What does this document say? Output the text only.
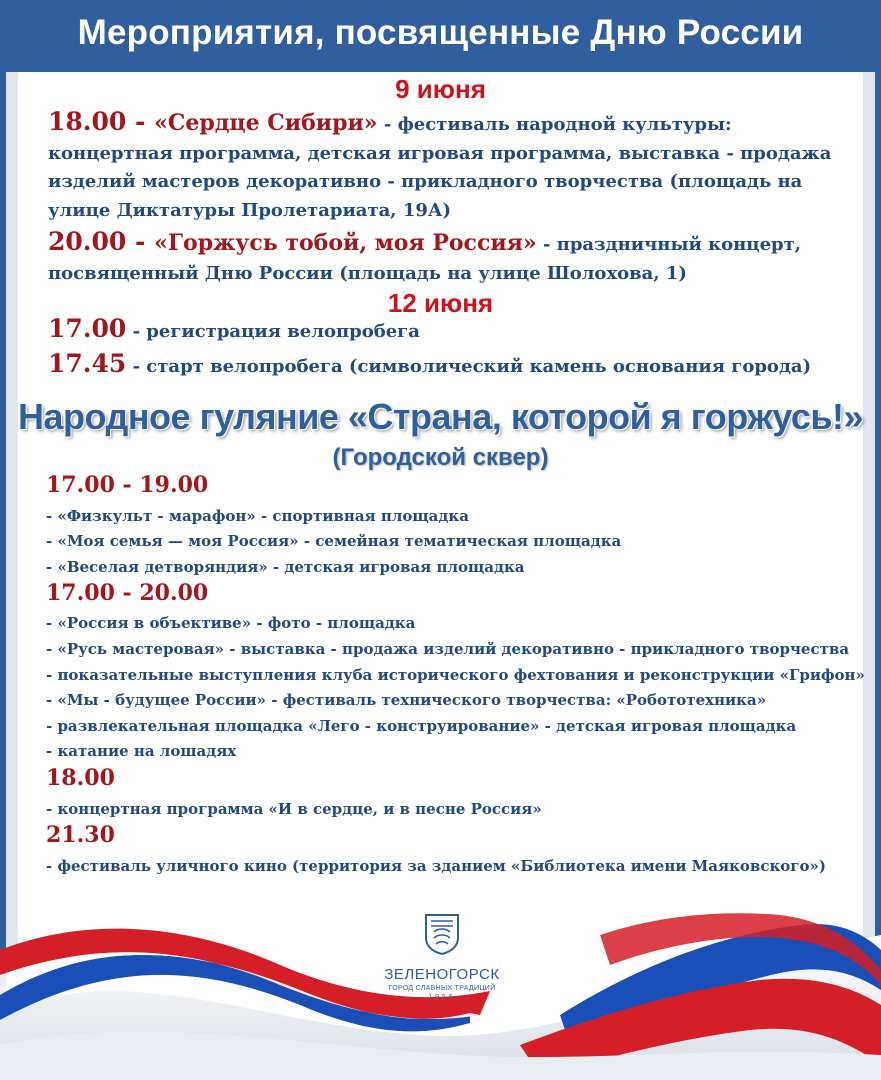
Мероприятия, посвященные Дню России
9 июня
18.00 - «Сердце Сибири» - фестиваль народной культуры: концертная программа, детская игровая программа, выставка - продажа изделий мастеров декоративно - прикладного творчества (площадь на улице Диктатуры Пролетариата, 19А)
20.00 - «Горжусь тобой, моя Россия» - праздничный концерт, посвященный Дню России (площадь на улице Шолохова, 1)
12 июня
17.00 - регистрация велопробега
17.45 - старт велопробега (символический камень основания города)
Народное гуляние «Страна, которой я горжусь!»
(Городской сквер)
17.00 - 19.00
- «Физкульт - марафон» - спортивная площадка
- «Моя семья — моя Россия» - семейная тематическая площадка
- «Веселая детворяндия» - детская игровая площадка
17.00 - 20.00
- «Россия в объективе» - фото - площадка
- «Русь мастеровая» - выставка - продажа изделий декоративно - прикладного творчества
- показательные выступления клуба исторического фехтования и реконструкции «Грифон»
- «Мы - будущее России» - фестиваль технического творчества: «Робототехника»
- развлекательная площадка «Лего - конструирование» - детская игровая площадка
- катание на лошадях
18.00
- концертная программа «И в сердце, и в песне Россия»
21.30
- фестиваль уличного кино (территория за зданием «Библиотека имени Маяковского»)
ЗЕЛЕНОГОРСК
ГОРОД СЛАВНЫХ ТРАДИЦИЙ
1956
